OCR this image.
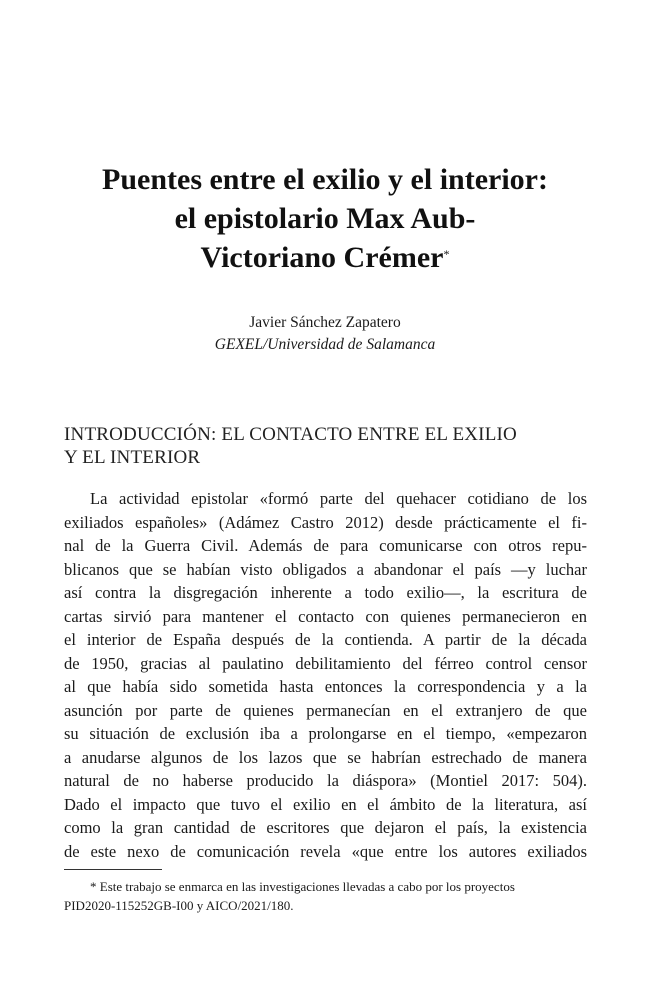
Puentes entre el exilio y el interior:
el epistolario Max Aub-
Victoriano Crémer*
Javier Sánchez Zapatero
GEXEL/Universidad de Salamanca
INTRODUCCIÓN: EL CONTACTO ENTRE EL EXILIO
Y EL INTERIOR
La actividad epistolar «formó parte del quehacer cotidiano de los
exiliados españoles» (Adámez Castro 2012) desde prácticamente el fi-
nal de la Guerra Civil. Además de para comunicarse con otros repu-
blicanos que se habían visto obligados a abandonar el país —y luchar
así contra la disgregación inherente a todo exilio—, la escritura de
cartas sirvió para mantener el contacto con quienes permanecieron en
el interior de España después de la contienda. A partir de la década
de 1950, gracias al paulatino debilitamiento del férreo control censor
al que había sido sometida hasta entonces la correspondencia y a la
asunción por parte de quienes permanecían en el extranjero de que
su situación de exclusión iba a prolongarse en el tiempo, «empezaron
a anudarse algunos de los lazos que se habrían estrechado de manera
natural de no haberse producido la diáspora» (Montiel 2017: 504).
Dado el impacto que tuvo el exilio en el ámbito de la literatura, así
como la gran cantidad de escritores que dejaron el país, la existencia
de este nexo de comunicación revela «que entre los autores exiliados
* Este trabajo se enmarca en las investigaciones llevadas a cabo por los proyectos
PID2020-115252GB-I00 y AICO/2021/180.
